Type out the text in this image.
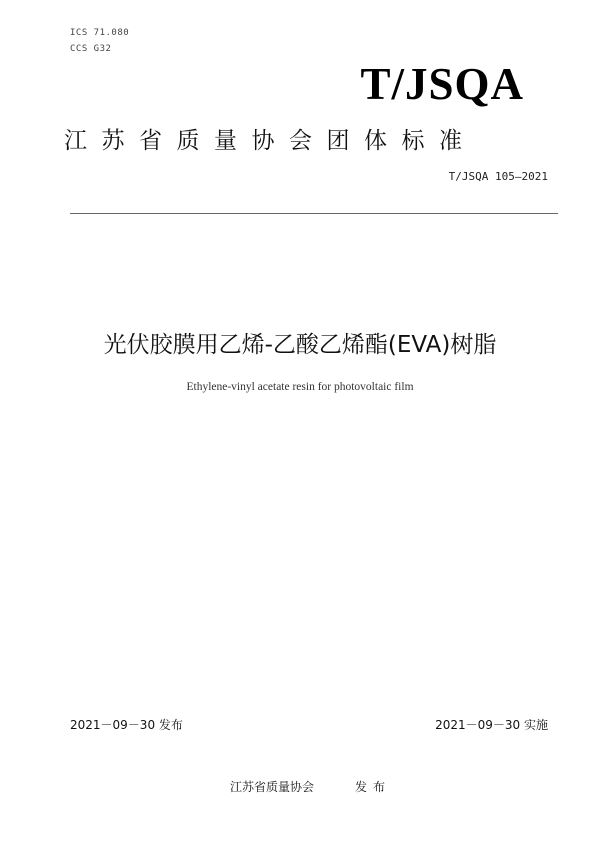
ICS 71.080
CCS G32
T/JSQA
江苏省质量协会团体标准
T/JSQA 105—2021
光伏胶膜用乙烯-乙酸乙烯酯(EVA)树脂
Ethylene-vinyl acetate resin for photovoltaic film
2021－09－30 发布	2021－09－30 实施
江苏省质量协会	发布
